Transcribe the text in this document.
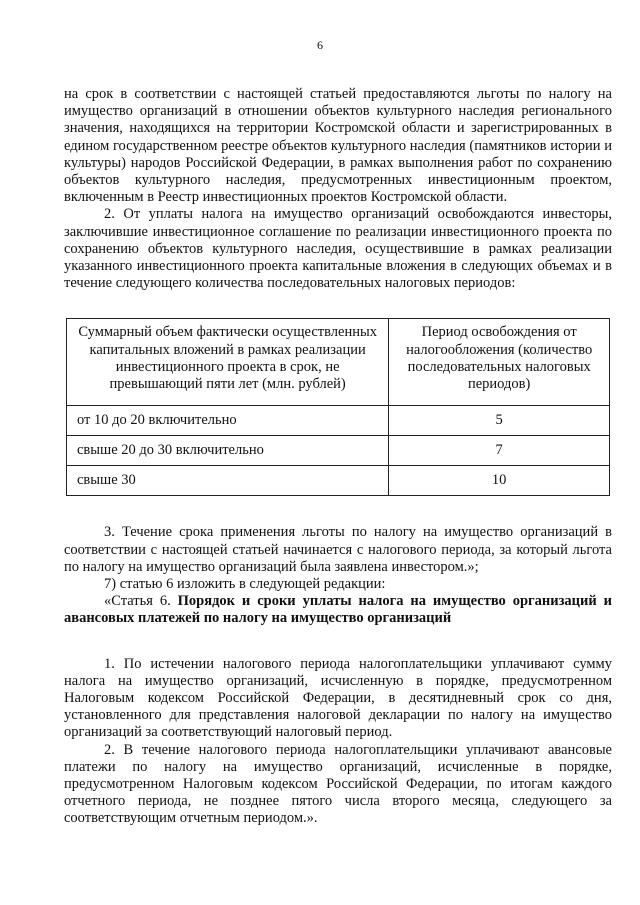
6

на срок в соответствии с настоящей статьей предоставляются льготы по налогу на имущество организаций в отношении объектов культурного наследия регионального значения, находящихся на территории Костромской области и зарегистрированных в едином государственном реестре объектов культурного наследия (памятников истории и культуры) народов Российской Федерации, в рамках выполнения работ по сохранению объектов культурного наследия, предусмотренных инвестиционным проектом, включенным в Реестр инвестиционных проектов Костромской области.

2. От уплаты налога на имущество организаций освобождаются инвесторы, заключившие инвестиционное соглашение по реализации инвестиционного проекта по сохранению объектов культурного наследия, осуществившие в рамках реализации указанного инвестиционного проекта капитальные вложения в следующих объемах и в течение следующего количества последовательных налоговых периодов:

Суммарный объем фактически осуществленных капитальных вложений в рамках реализации инвестиционного проекта в срок, не превышающий пяти лет (млн. рублей)	Период освобождения от налогообложения (количество последовательных налоговых периодов)
от 10 до 20 включительно	5
свыше 20 до 30 включительно	7
свыше 30	10

3. Течение срока применения льготы по налогу на имущество организаций в соответствии с настоящей статьей начинается с налогового периода, за который льгота по налогу на имущество организаций была заявлена инвестором.»;

7) статью 6 изложить в следующей редакции:

«Статья 6. Порядок и сроки уплаты налога на имущество организаций и авансовых платежей по налогу на имущество организаций

1. По истечении налогового периода налогоплательщики уплачивают сумму налога на имущество организаций, исчисленную в порядке, предусмотренном Налоговым кодексом Российской Федерации, в десятидневный срок со дня, установленного для представления налоговой декларации по налогу на имущество организаций за соответствующий налоговый период.

2. В течение налогового периода налогоплательщики уплачивают авансовые платежи по налогу на имущество организаций, исчисленные в порядке, предусмотренном Налоговым кодексом Российской Федерации, по итогам каждого отчетного периода, не позднее пятого числа второго месяца, следующего за соответствующим отчетным периодом.».
